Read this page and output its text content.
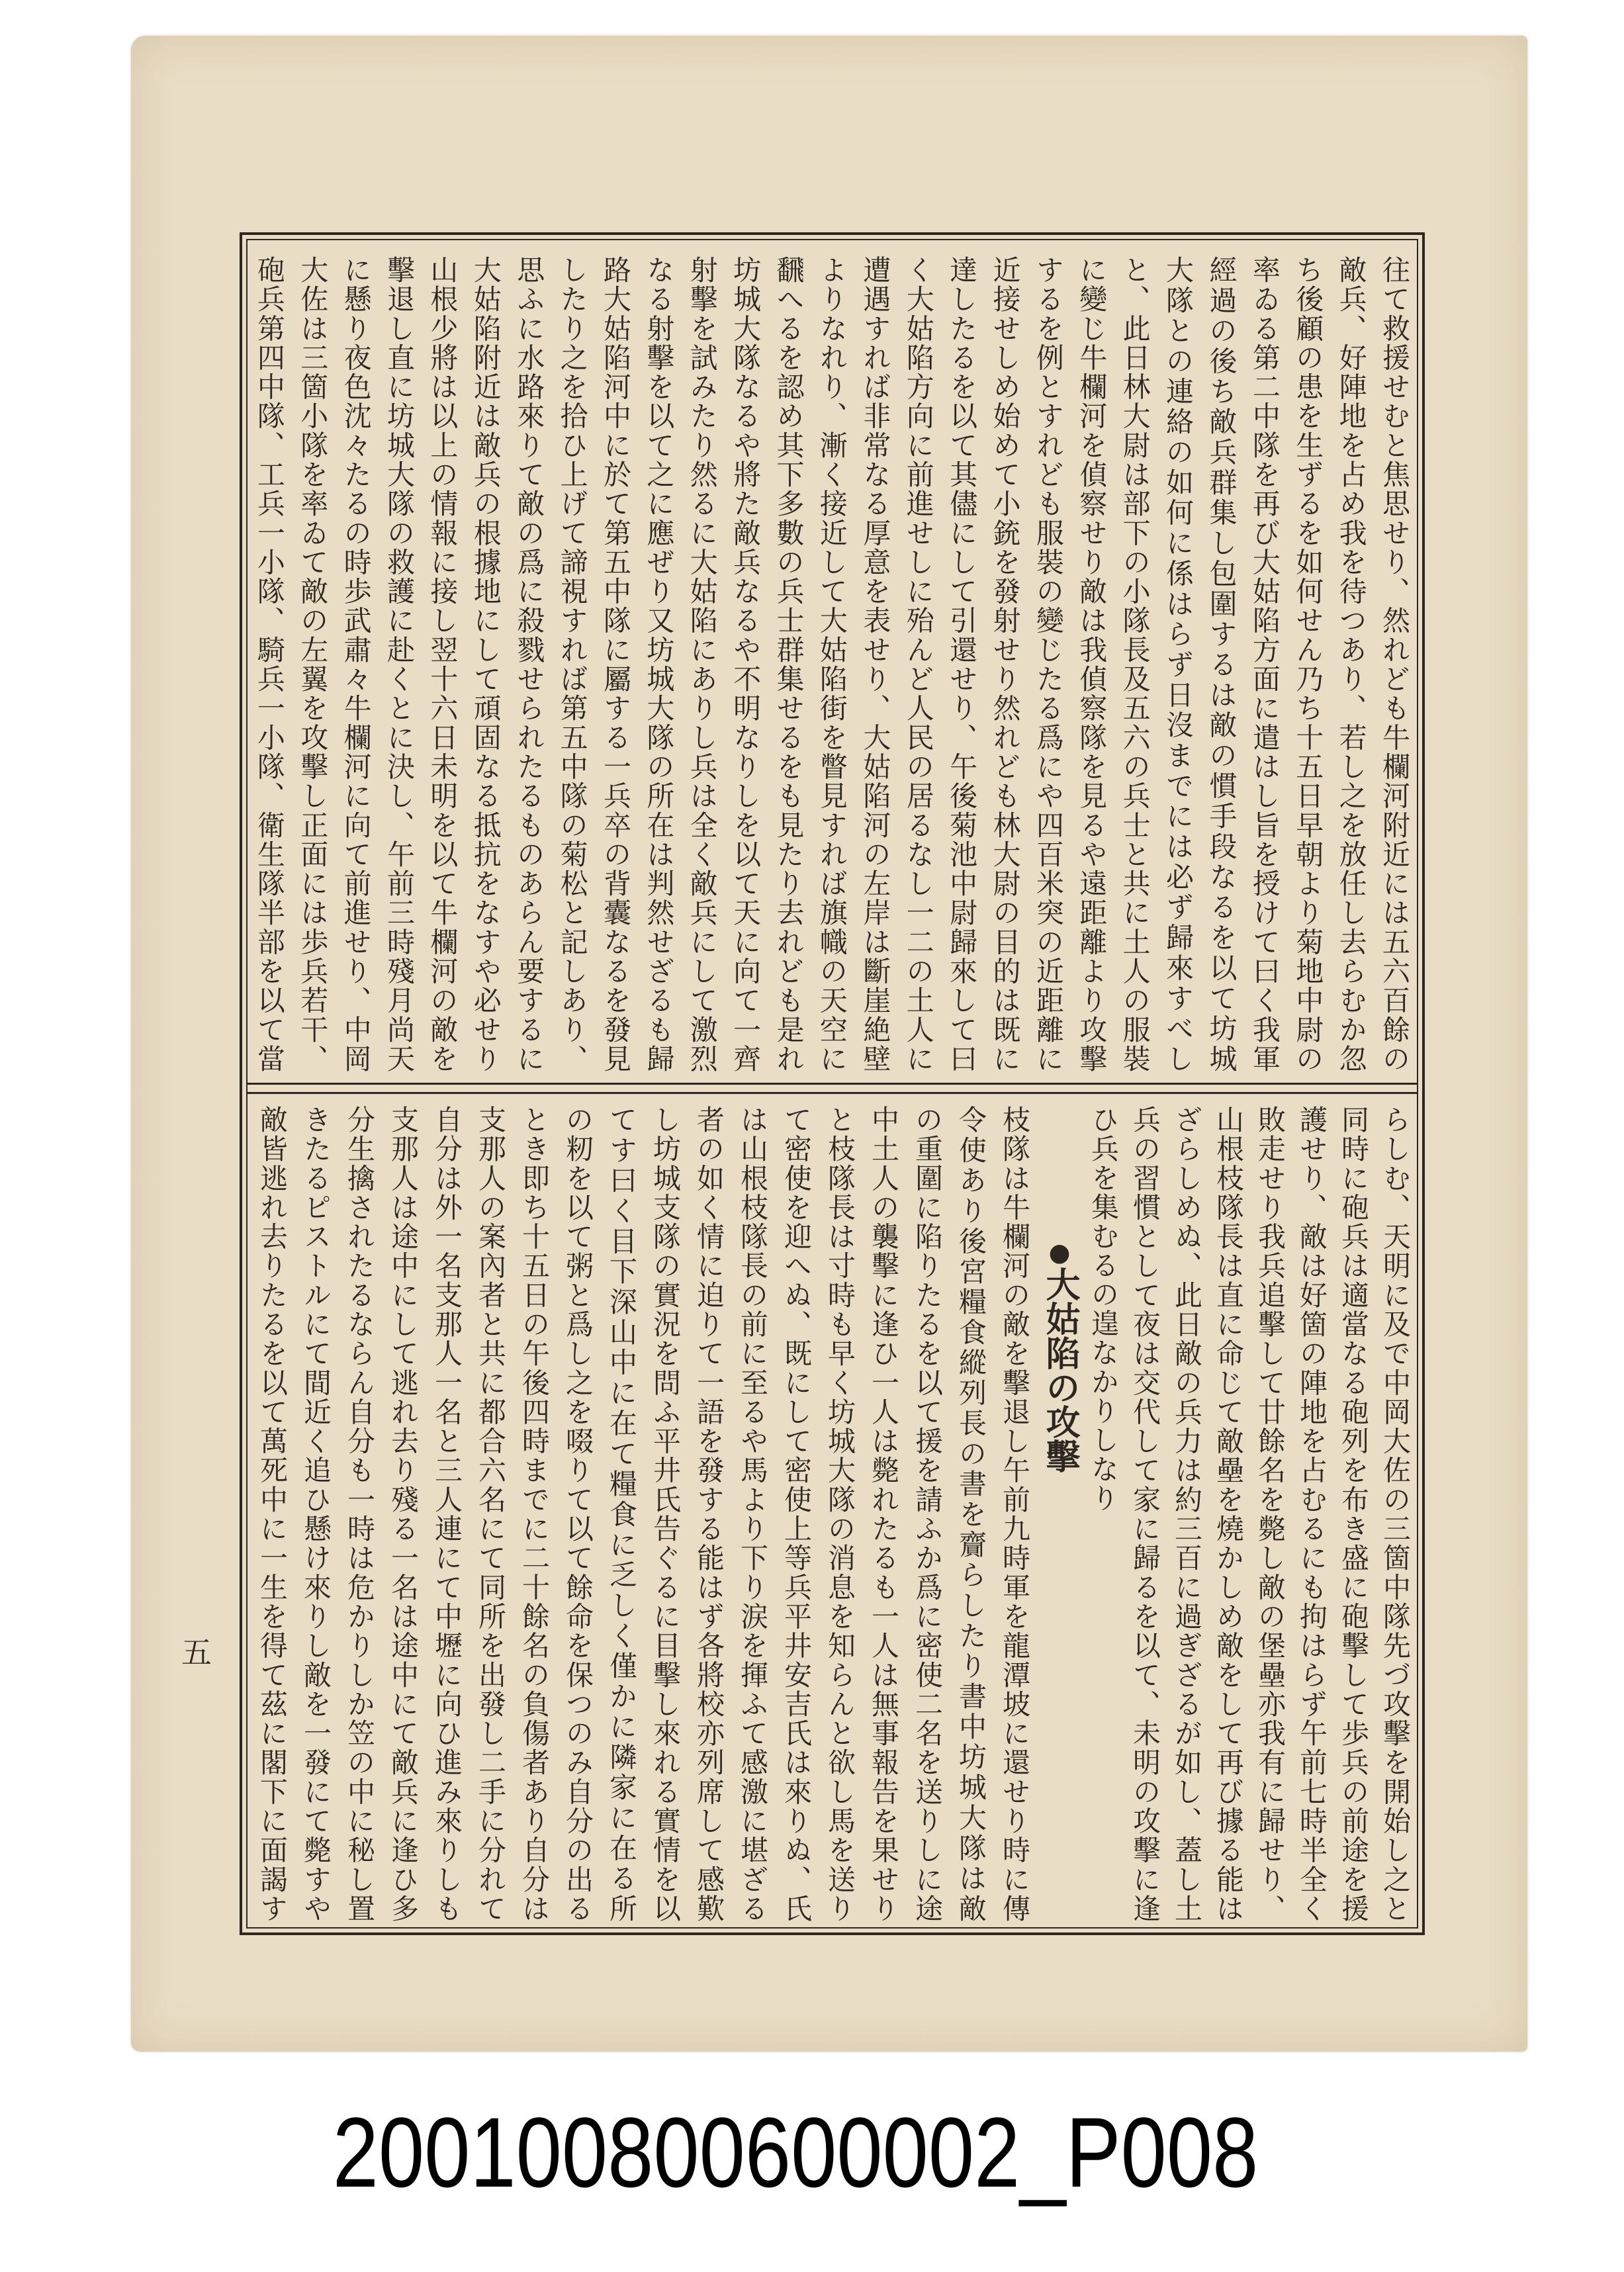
往て救援せむと焦思せり、然れども牛欄河附近には五六百餘の
敵兵、好陣地を占め我を待つあり、若し之を放任し去らむか忽
ち後顧の患を生ずるを如何せん乃ち十五日早朝より菊地中尉の
率ゐる第二中隊を再び大姑陷方面に遣はし旨を授けて曰く我軍
經過の後ち敵兵群集し包圍するは敵の慣手段なるを以て坊城
大隊との連絡の如何に係はらず日沒までには必ず歸來すべし
と、此日林大尉は部下の小隊長及五六の兵士と共に土人の服裝
に變じ牛欄河を偵察せり敵は我偵察隊を見るや遠距離より攻擊
するを例とすれども服裝の變じたる爲にや四百米突の近距離に
近接せしめ始めて小銃を發射せり然れども林大尉の目的は既に
達したるを以て其儘にして引還せり、午後菊池中尉歸來して曰
く大姑陷方向に前進せしに殆んど人民の居るなし一二の土人に
遭遇すれば非常なる厚意を表せり、大姑陷河の左岸は斷崖絶壁
よりなれり、漸く接近して大姑陷街を瞥見すれば旗幟の天空に
飜へるを認め其下多數の兵士群集せるをも見たり去れども是れ
坊城大隊なるや將た敵兵なるや不明なりしを以て天に向て一齊
射擊を試みたり然るに大姑陷にありし兵は全く敵兵にして激烈
なる射擊を以て之に應ぜり又坊城大隊の所在は判然せざるも歸
路大姑陷河中に於て第五中隊に屬する一兵卒の背囊なるを發見
したり之を拾ひ上げて諦視すれば第五中隊の菊松と記しあり、
思ふに水路來りて敵の爲に殺戮せられたるものあらん要するに
大姑陷附近は敵兵の根據地にして頑固なる抵抗をなすや必せり
山根少將は以上の情報に接し翌十六日未明を以て牛欄河の敵を
擊退し直に坊城大隊の救護に赴くとに決し、午前三時殘月尚天
に懸り夜色沈々たるの時歩武肅々牛欄河に向て前進せり、中岡
大佐は三箇小隊を率ゐて敵の左翼を攻擊し正面には歩兵若干、
砲兵第四中隊、工兵一小隊、騎兵一小隊、衛生隊半部を以て當
らしむ、天明に及で中岡大佐の三箇中隊先づ攻擊を開始し之と
同時に砲兵は適當なる砲列を布き盛に砲擊して歩兵の前途を援
護せり、敵は好箇の陣地を占むるにも拘はらず午前七時半全く
敗走せり我兵追擊して廿餘名を斃し敵の堡壘亦我有に歸せり、
山根枝隊長は直に命じて敵壘を燒かしめ敵をして再び據る能は
ざらしめぬ、此日敵の兵力は約三百に過ぎざるが如し、蓋し土
兵の習慣として夜は交代して家に歸るを以て、未明の攻擊に逢
ひ兵を集むるの遑なかりしなり
●大姑陷の攻擊
枝隊は牛欄河の敵を擊退し午前九時軍を龍潭坡に還せり時に傳
令使あり後宮糧食縱列長の書を齎らしたり書中坊城大隊は敵
の重圍に陷りたるを以て援を請ふか爲に密使二名を送りしに途
中土人の襲擊に逢ひ一人は斃れたるも一人は無事報告を果せり
と枝隊長は寸時も早く坊城大隊の消息を知らんと欲し馬を送り
て密使を迎へぬ、既にして密使上等兵平井安吉氏は來りぬ、氏
は山根枝隊長の前に至るや馬より下り涙を揮ふて感激に堪ざる
者の如く情に迫りて一語を發する能はず各將校亦列席して感歎
し坊城支隊の實況を問ふ平井氏告ぐるに目擊し來れる實情を以
てす曰く目下深山中に在て糧食に乏しく僅かに隣家に在る所
の籾を以て粥と爲し之を啜りて以て餘命を保つのみ自分の出る
とき即ち十五日の午後四時までに二十餘名の負傷者あり自分は
支那人の案內者と共に都合六名にて同所を出發し二手に分れて
自分は外一名支那人一名と三人連にて中壢に向ひ進み來りしも
支那人は途中にして逃れ去り殘る一名は途中にて敵兵に逢ひ多
分生擒されたるならん自分も一時は危かりしか笠の中に秘し置
きたるピストルにて間近く追ひ懸け來りし敵を一發にて斃すや
敵皆逃れ去りたるを以て萬死中に一生を得て茲に閣下に面謁す
五
200100800600002_P008
